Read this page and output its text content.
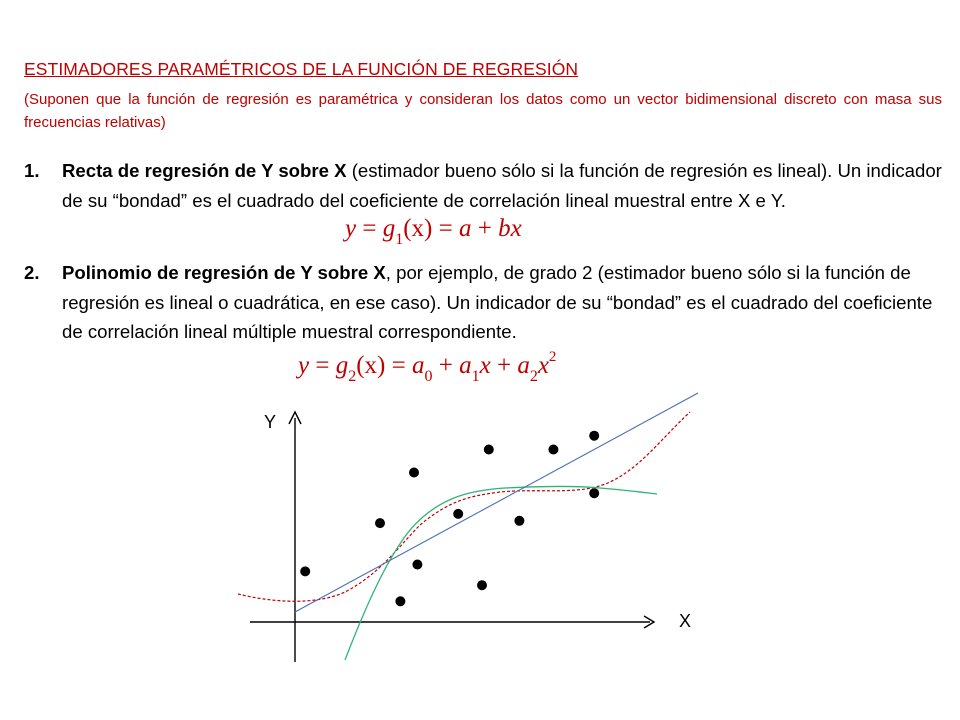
ESTIMADORES PARAMÉTRICOS DE LA FUNCIÓN DE REGRESIÓN
(Suponen que la función de regresión es paramétrica y consideran los datos como un vector bidimensional discreto con masa sus frecuencias relativas)
1. Recta de regresión de Y sobre X (estimador bueno sólo si la función de regresión es lineal). Un indicador de su “bondad” es el cuadrado del coeficiente de correlación lineal muestral entre X e Y.
$y = g_1(x) = a$ + bx
2. Polinomio de regresión de Y sobre X, por ejemplo, de grado 2 (estimador bueno sólo si la función de regresión es lineal o cuadrática, en ese caso). Un indicador de su “bondad” es el cuadrado del coeficiente de correlación lineal múltiple muestral correspondiente.
$y = g_2(x) = a_0 + a_1x + a_2x^2$
Y
X
